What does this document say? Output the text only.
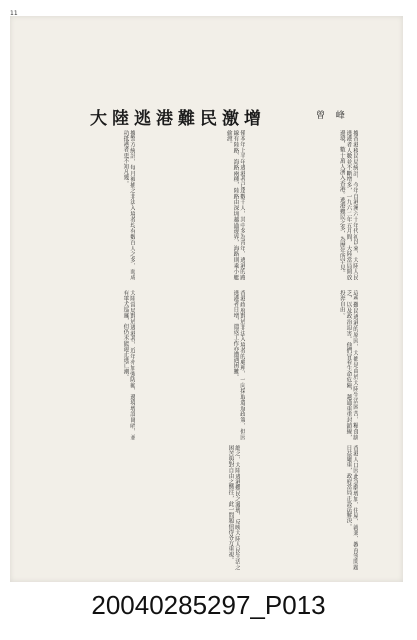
11
大陸逃港難民激增	曾 峰
據香港移民局統計，今年自港澳六十年代初以來，大陸人民逃港者人數並不斷增多，一九六二年五月間，大陸當局開放邊境，數十萬人湧入香港。逃港難民之多，為歷年所罕見。
僅本年上半年逃港者已達數千人，其中多為青年，逃港的路線有陸路、海路兩種，陸路由深圳越過邊界，海路則乘小艇偷渡。
據警方統計，每月被捕之非法入境者均有數百人之多，而成功抵港者更不知凡幾。
這些難民逃港的原因，大都是由於大陸生活困苦，糧食缺乏，以及政治迫害。他們冒着生命危險，越過重重封鎖線，投奔自由。
香港政府對於非法入境者的處理，一向採取遣返政策，但因逃港者日增，遣返工作亦遭遇困難。
大陸當局對於逃港者，近年亦加強防範，邊境增設崗哨，並有軍犬巡邏，但仍未能遏止逃亡潮。
香港人口因此急劇增加，住屋、就業、教育等問題日益嚴重，政府當局正設法解決。
總之，大陸逃港難民之激增，反映大陸人民生活之困苦與對自由之嚮往，此一問題值得各方重視。
20040285297_P013
